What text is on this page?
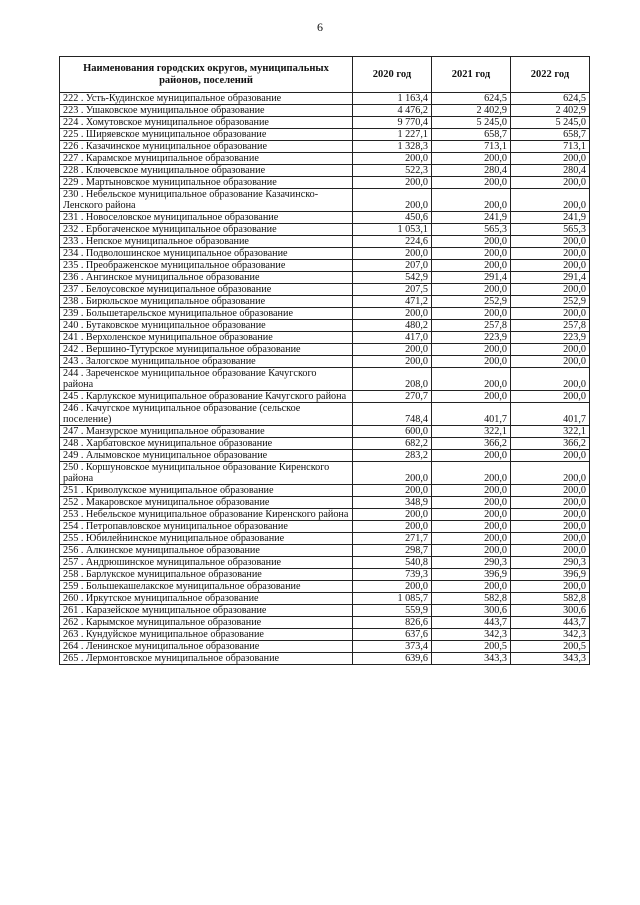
6
Наименования городских округов, муниципальных районов, поселений	2020 год	2021 год	2022 год
222 . Усть-Кудинское муниципальное образование	1 163,4	624,5	624,5
223 . Ушаковское муниципальное образование	4 476,2	2 402,9	2 402,9
224 . Хомутовское муниципальное образование	9 770,4	5 245,0	5 245,0
225 . Ширяевское муниципальное образование	1 227,1	658,7	658,7
226 . Казачинское муниципальное образование	1 328,3	713,1	713,1
227 . Карамское муниципальное образование	200,0	200,0	200,0
228 . Ключевское муниципальное образование	522,3	280,4	280,4
229 . Мартыновское муниципальное образование	200,0	200,0	200,0
230 . Небельское муниципальное образование Казачинско-Ленского района	200,0	200,0	200,0
231 . Новоселовское муниципальное образование	450,6	241,9	241,9
232 . Ербогаченское муниципальное образование	1 053,1	565,3	565,3
233 . Непское муниципальное образование	224,6	200,0	200,0
234 . Подволошинское муниципальное образование	200,0	200,0	200,0
235 . Преображенское муниципальное образование	207,0	200,0	200,0
236 . Ангинское муниципальное образование	542,9	291,4	291,4
237 . Белоусовское муниципальное образование	207,5	200,0	200,0
238 . Бирюльское муниципальное образование	471,2	252,9	252,9
239 . Большетарельское муниципальное образование	200,0	200,0	200,0
240 . Бутаковское муниципальное образование	480,2	257,8	257,8
241 . Верхоленское муниципальное образование	417,0	223,9	223,9
242 . Вершино-Тутурское муниципальное образование	200,0	200,0	200,0
243 . Залогское муниципальное образование	200,0	200,0	200,0
244 . Зареченское муниципальное образование Качугского района	208,0	200,0	200,0
245 . Карлукское муниципальное образование Качугского района	270,7	200,0	200,0
246 . Качугское муниципальное образование (сельское поселение)	748,4	401,7	401,7
247 . Манзурское муниципальное образование	600,0	322,1	322,1
248 . Харбатовское муниципальное образование	682,2	366,2	366,2
249 . Алымовское муниципальное образование	283,2	200,0	200,0
250 . Коршуновское муниципальное образование Киренского района	200,0	200,0	200,0
251 . Криволукское муниципальное образование	200,0	200,0	200,0
252 . Макаровское муниципальное образование	348,9	200,0	200,0
253 . Небельское муниципальное образование Киренского района	200,0	200,0	200,0
254 . Петропавловское муниципальное образование	200,0	200,0	200,0
255 . Юбилейнинское муниципальное образование	271,7	200,0	200,0
256 . Алкинское муниципальное образование	298,7	200,0	200,0
257 . Андрюшинское муниципальное образование	540,8	290,3	290,3
258 . Барлукское муниципальное образование	739,3	396,9	396,9
259 . Большекашелакское муниципальное образование	200,0	200,0	200,0
260 . Иркутское муниципальное образование	1 085,7	582,8	582,8
261 . Каразейское муниципальное образование	559,9	300,6	300,6
262 . Карымское муниципальное образование	826,6	443,7	443,7
263 . Кундуйское муниципальное образование	637,6	342,3	342,3
264 . Ленинское муниципальное образование	373,4	200,5	200,5
265 . Лермонтовское муниципальное образование	639,6	343,3	343,3
